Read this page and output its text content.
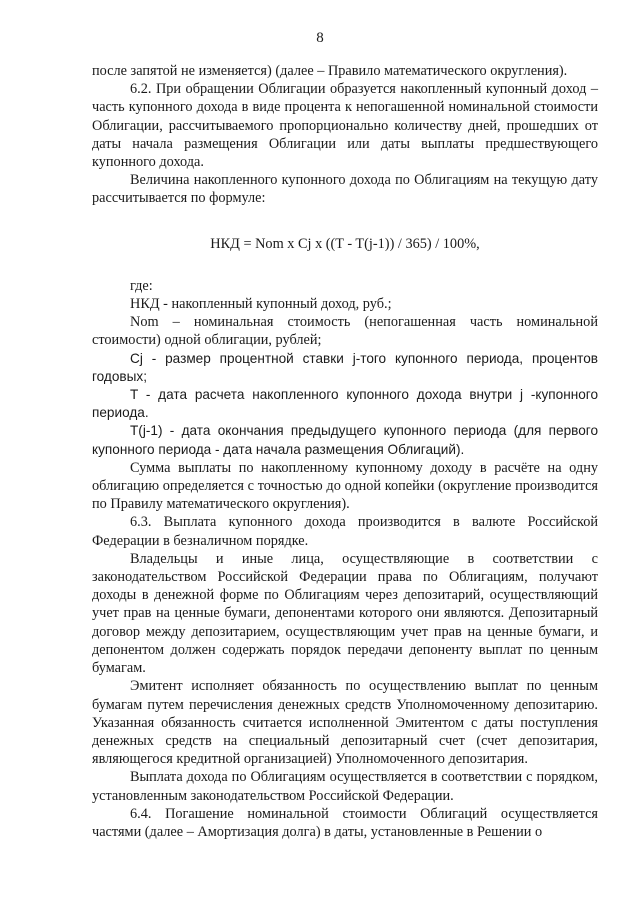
8

после запятой не изменяется) (далее – Правило математического округления).

6.2. При обращении Облигации образуется накопленный купонный доход – часть купонного дохода в виде процента к непогашенной номинальной стоимости Облигации, рассчитываемого пропорционально количеству дней, прошедших от даты начала размещения Облигации или даты выплаты предшествующего купонного дохода.

Величина накопленного купонного дохода по Облигациям на текущую дату рассчитывается по формуле:

НКД = Nom x Cj x ((T - T(j-1)) / 365) / 100%,

где:

НКД - накопленный купонный доход, руб.;

Nom – номинальная стоимость (непогашенная часть номинальной стоимости) одной облигации, рублей;

Cj - размер процентной ставки j-того купонного периода, процентов годовых;

T - дата расчета накопленного купонного дохода внутри j -купонного периода.

T(j-1) - дата окончания предыдущего купонного периода (для первого купонного периода - дата начала размещения Облигаций).

Сумма выплаты по накопленному купонному доходу в расчёте на одну облигацию определяется с точностью до одной копейки (округление производится по Правилу математического округления).

6.3. Выплата купонного дохода производится в валюте Российской Федерации в безналичном порядке.

Владельцы и иные лица, осуществляющие в соответствии с законодательством Российской Федерации права по Облигациям, получают доходы в денежной форме по Облигациям через депозитарий, осуществляющий учет прав на ценные бумаги, депонентами которого они являются. Депозитарный договор между депозитарием, осуществляющим учет прав на ценные бумаги, и депонентом должен содержать порядок передачи депоненту выплат по ценным бумагам.

Эмитент исполняет обязанность по осуществлению выплат по ценным бумагам путем перечисления денежных средств Уполномоченному депозитарию. Указанная обязанность считается исполненной Эмитентом с даты поступления денежных средств на специальный депозитарный счет (счет депозитария, являющегося кредитной организацией) Уполномоченного депозитария.

Выплата дохода по Облигациям осуществляется в соответствии с порядком, установленным законодательством Российской Федерации.

6.4. Погашение номинальной стоимости Облигаций осуществляется частями (далее – Амортизация долга) в даты, установленные в Решении о
